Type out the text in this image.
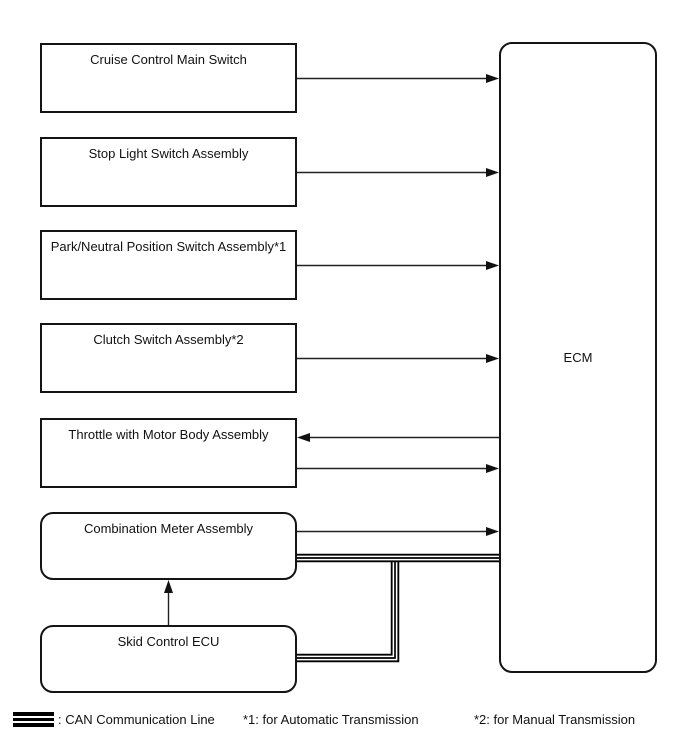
Cruise Control Main Switch
Stop Light Switch Assembly
Park/Neutral Position Switch Assembly*1
Clutch Switch Assembly*2
Throttle with Motor Body Assembly
Combination Meter Assembly
Skid Control ECU
ECM
: CAN Communication Line *1: for Automatic Transmission	*2: for Manual Transmission
